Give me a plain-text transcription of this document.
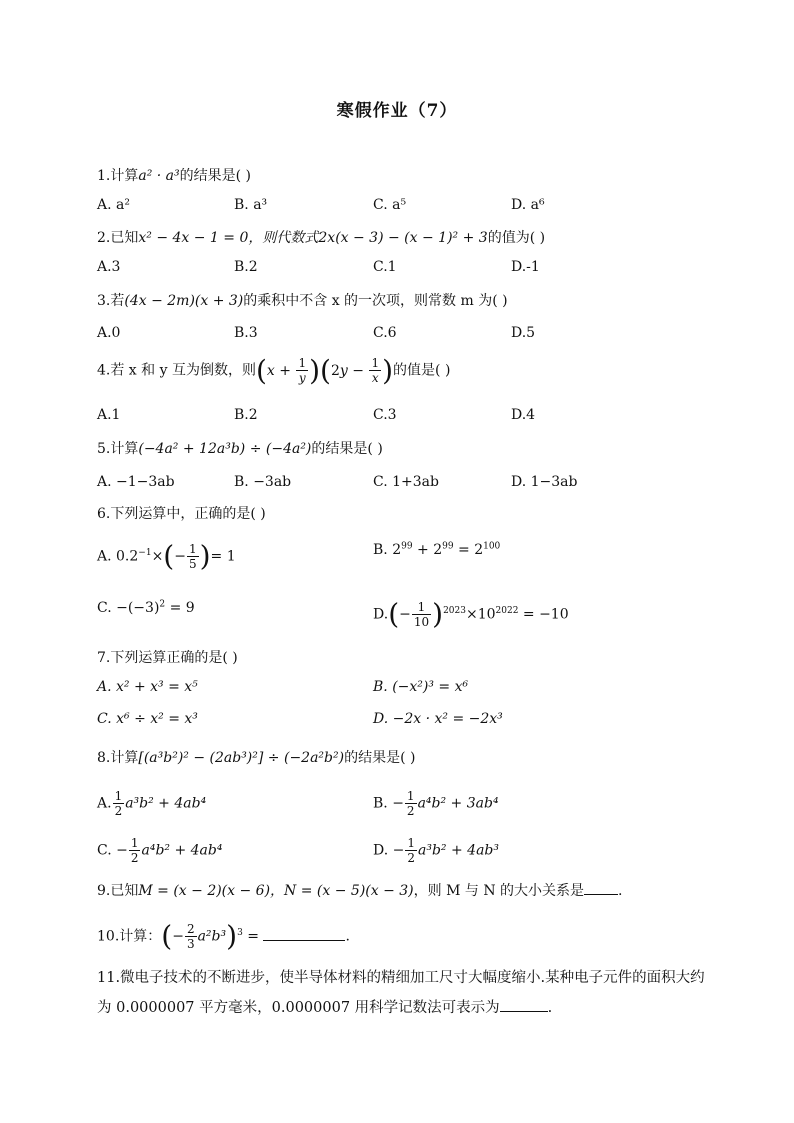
寒假作业（7）
1.计算a² · a³的结果是( )
A. a²	B. a³	C. a⁵	D. a⁶
2.已知x² − 4x − 1 = 0，则代数式2x(x − 3) − (x − 1)² + 3的值为( )
A.3	B.2	C.1	D.-1
3.若(4x − 2m)(x + 3)的乘积中不含 x 的一次项，则常数 m 为( )
A.0	B.3	C.6	D.5
4.若 x 和 y 互为倒数，则$(x + \frac{1}{y} )(2y - \frac{1}{x}$ )的值是( )
A.1	B.2	C.3	D.4
5.计算(−4a² + 12a³b) ÷ (−4a²)的结果是( )
A. −1−3ab	B. −3ab	C. 1+3ab	D. 1−3ab
6.下列运算中，正确的是( )
A. $0.2^{-1}\times(- \frac{1}{5}$ )= 1	B. $2^{99} + 2^{99} = 2^{100}$
C. $-(-3)^2 = 9$	$D.(- \frac{1}{10} )^{2023}\times 10^{2022} = -10$
7.下列运算正确的是( )
A. x² + x³ = x⁵	B. (−x²)³ = x⁶
C. x⁶ ÷ x² = x³	D. −2x · x² = −2x³
8.计算[(a³b²)² − (2ab³)²] ÷ (−2a²b²)的结果是( )
A. $\frac{1}{2} a^3b^2 + 4ab^4$	B. − $\frac{1}{2} a^4b^2 + 3ab^4$
C. − $\frac{1}{2} a^4b^2 + 4ab^4$	D. − $\frac{1}{2} a^3b^2 + 4ab^3$
9.已知M = (x − 2)(x − 6)，N = (x − 5)(x − 3)，则 M 与 N 的大小关系是 .
10.计算：(− $\frac{2}{3} a^2b^3)^3$ =	.
11.微电子技术的不断进步，使半导体材料的精细加工尺寸大幅度缩小.某种电子元件的面积大约为 0.0000007 平方毫米，0.0000007 用科学记数法可表示为	.
